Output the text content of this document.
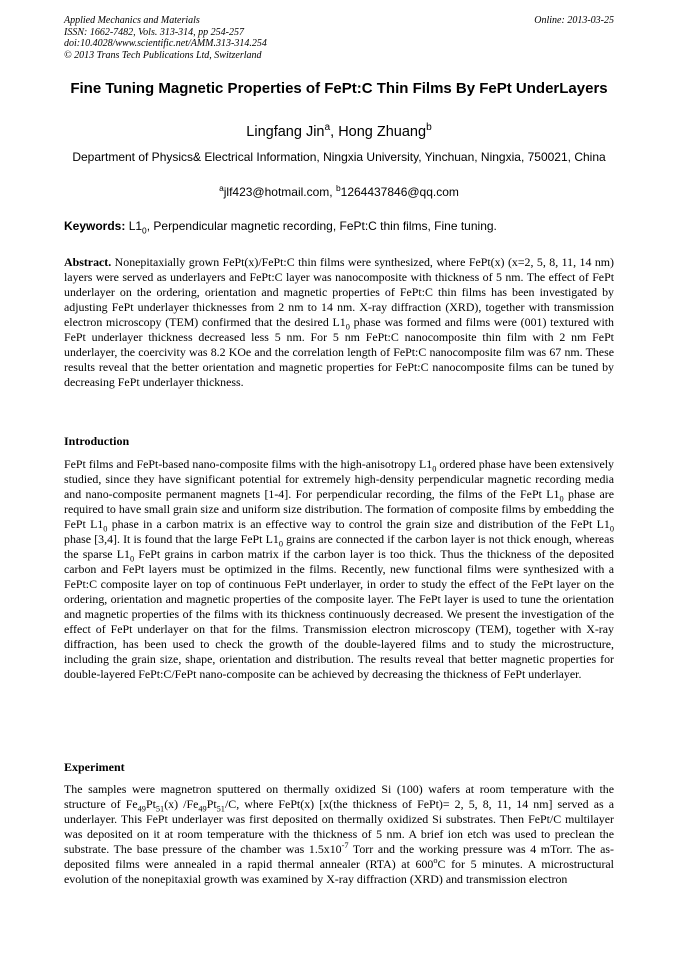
Applied Mechanics and Materials
ISSN: 1662-7482, Vols. 313-314, pp 254-257
doi:10.4028/www.scientific.net/AMM.313-314.254
© 2013 Trans Tech Publications Ltd, Switzerland
Online: 2013-03-25
Fine Tuning Magnetic Properties of FePt:C Thin Films By FePt UnderLayers
Lingfang Jin$^a$, Hong Zhuang$^b$
Department of Physics& Electrical Information, Ningxia University, Yinchuan, Ningxia, 750021, China
$^a$jlf423@hotmail.com, $^b$1264437846@qq.com
Keywords: $L1_0$, Perpendicular magnetic recording, FePt:C thin films, Fine tuning.
Abstract. Nonepitaxially grown FePt(x)/FePt:C thin films were synthesized, where FePt(x) (x=2, 5, 8, 11, 14 nm) layers were served as underlayers and FePt:C layer was nanocomposite with thickness of 5 nm. The effect of FePt underlayer on the ordering, orientation and magnetic properties of FePt:C thin films has been investigated by adjusting FePt underlayer thicknesses from 2 nm to 14 nm. X-ray diffraction (XRD), together with transmission electron microscopy (TEM) confirmed that the desired $L1_0$ phase was formed and films were (001) textured with FePt underlayer thickness decreased less 5 nm. For 5 nm FePt:C nanocomposite thin film with 2 nm FePt underlayer, the coercivity was 8.2 KOe and the correlation length of FePt:C nanocomposite film was 67 nm. These results reveal that the better orientation and magnetic properties for FePt:C nanocomposite films can be tuned by decreasing FePt underlayer thickness.
Introduction
FePt films and FePt-based nano-composite films with the high-anisotropy $L1_0$ ordered phase have been extensively studied, since they have significant potential for extremely high-density perpendicular magnetic recording media and nano-composite permanent magnets [1-4]. For perpendicular recording, the films of the FePt $L1_0$ phase are required to have small grain size and uniform size distribution. The formation of composite films by embedding the FePt $L1_0$ phase in a carbon matrix is an effective way to control the grain size and distribution of the FePt $L1_0$ phase [3,4]. It is found that the large FePt $L1_0$ grains are connected if the carbon layer is not thick enough, whereas the sparse $L1_0$ FePt grains in carbon matrix if the carbon layer is too thick. Thus the thickness of the deposited carbon and FePt layers must be optimized in the films. Recently, new functional films were synthesized with a FePt:C composite layer on top of continuous FePt underlayer, in order to study the effect of the FePt layer on the ordering, orientation and magnetic properties of the composite layer. The FePt layer is used to tune the orientation and magnetic properties of the films with its thickness continuously decreased. We present the investigation of the effect of FePt underlayer on that for the films. Transmission electron microscopy (TEM), together with X-ray diffraction, has been used to check the growth of the double-layered films and to study the microstructure, including the grain size, shape, orientation and distribution. The results reveal that better magnetic properties for double-layered FePt:C/FePt nano-composite can be achieved by decreasing the thickness of FePt underlayer.
Experiment
The samples were magnetron sputtered on thermally oxidized Si (100) wafers at room temperature with the structure of $Fe_{49}Pt_{51}(x)$ $/Fe_{49}Pt_{51}/C$, where FePt(x) [x(the thickness of FePt)= 2, 5, 8, 11, 14 nm] served as a underlayer. This FePt underlayer was first deposited on thermally oxidized Si substrates. Then FePt/C multilayer was deposited on it at room temperature with the thickness of 5 nm. A brief ion etch was used to preclean the substrate. The base pressure of the chamber was $1.5x10^{-7}$ Torr and the working pressure was 4 mTorr. The as-deposited films were annealed in a rapid thermal annealer (RTA) at 600$^o$C for 5 minutes. A microstructural evolution of the nonepitaxial growth was examined by X-ray diffraction (XRD) and transmission electron
